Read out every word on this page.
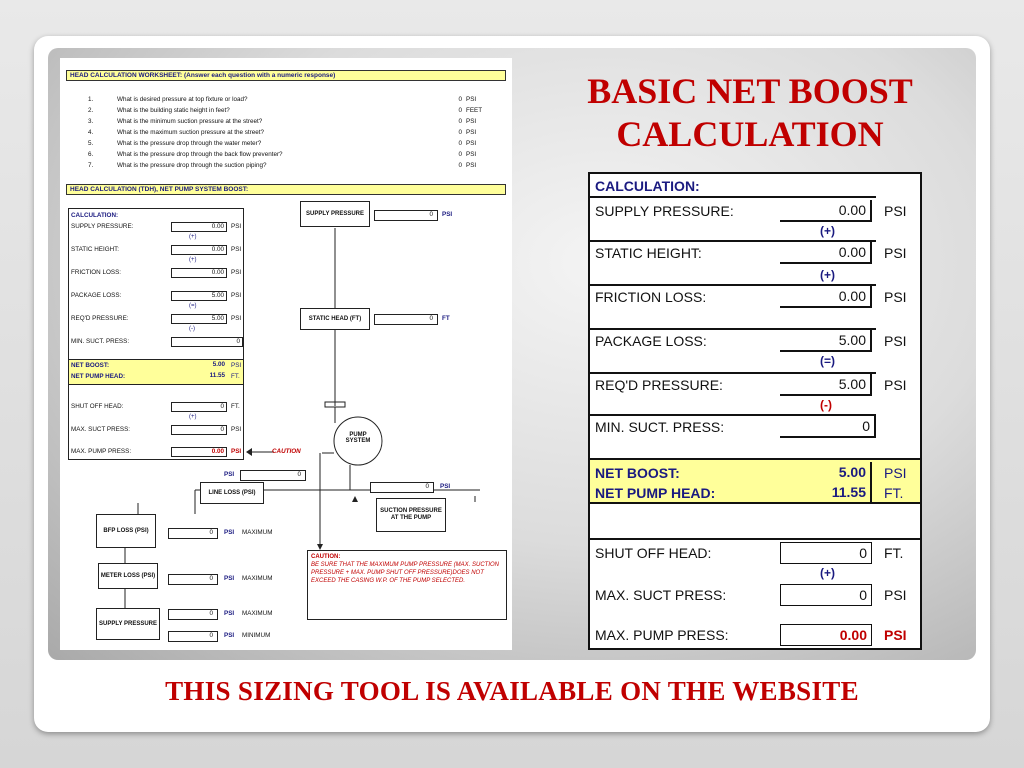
HEAD CALCULATION WORKSHEET: (Answer each question with a numeric response)
1.	What is desired pressure at top fixture or load?	0 PSI
2.	What is the building static height in feet?	0 FEET
3.	What is the minimum suction pressure at the street?	0 PSI
4.	What is the maximum suction pressure at the street?	0 PSI
5.	What is the pressure drop through the water meter?	0 PSI
6.	What is the pressure drop through the back flow preventer?	0 PSI
7.	What is the pressure drop through the suction piping?	0 PSI
HEAD CALCULATION (TDH), NET PUMP SYSTEM BOOST:
CALCULATION:
SUPPLY PRESSURE:	0.00	PSI
(+)
STATIC HEIGHT:	0.00	PSI
(+)
FRICTION LOSS:	0.00	PSI
PACKAGE LOSS:	5.00	PSI
(=)
REQ'D PRESSURE:	5.00	PSI
(-)
MIN. SUCT. PRESS:	0
NET BOOST:	5.00 PSI
NET PUMP HEAD:	11.55 FT.
SHUT OFF HEAD:	0	FT.
(+)
MAX. SUCT PRESS:	0	PSI
MAX. PUMP PRESS:	0.00	PSI
SUPPLY PRESSURE	0	PSI
STATIC HEAD (FT)	0	FT
PUMP SYSTEM
CAUTION
PSI	0
LINE LOSS (PSI)
0	PSI
SUCTION PRESSURE AT THE PUMP
BFP LOSS (PSI)	0	PSI MAXIMUM
METER LOSS (PSI)	0	PSI MAXIMUM
SUPPLY PRESSURE
0	PSI MAXIMUM
0	PSI MINIMUM
CAUTION:
BE SURE THAT THE MAXIMUM PUMP PRESSURE (MAX. SUCTION PRESSURE + MAX. PUMP SHUT OFF PRESSURE)DOES NOT EXCEED THE CASING W.P. OF THE PUMP SELECTED.
BASIC NET BOOST
CALCULATION
CALCULATION:
SUPPLY PRESSURE:	0.00	PSI
(+)
STATIC HEIGHT:	0.00	PSI
(+)
FRICTION LOSS:	0.00	PSI
PACKAGE LOSS:	5.00	PSI
(=)
REQ'D PRESSURE:	5.00	PSI
(-)
MIN. SUCT. PRESS:	0
NET BOOST:	5.00	PSI
NET PUMP HEAD:	11.55	FT.
SHUT OFF HEAD:	0	FT.
(+)
MAX. SUCT PRESS:	0	PSI
MAX. PUMP PRESS:	0.00	PSI
THIS SIZING TOOL IS AVAILABLE ON THE WEBSITE
